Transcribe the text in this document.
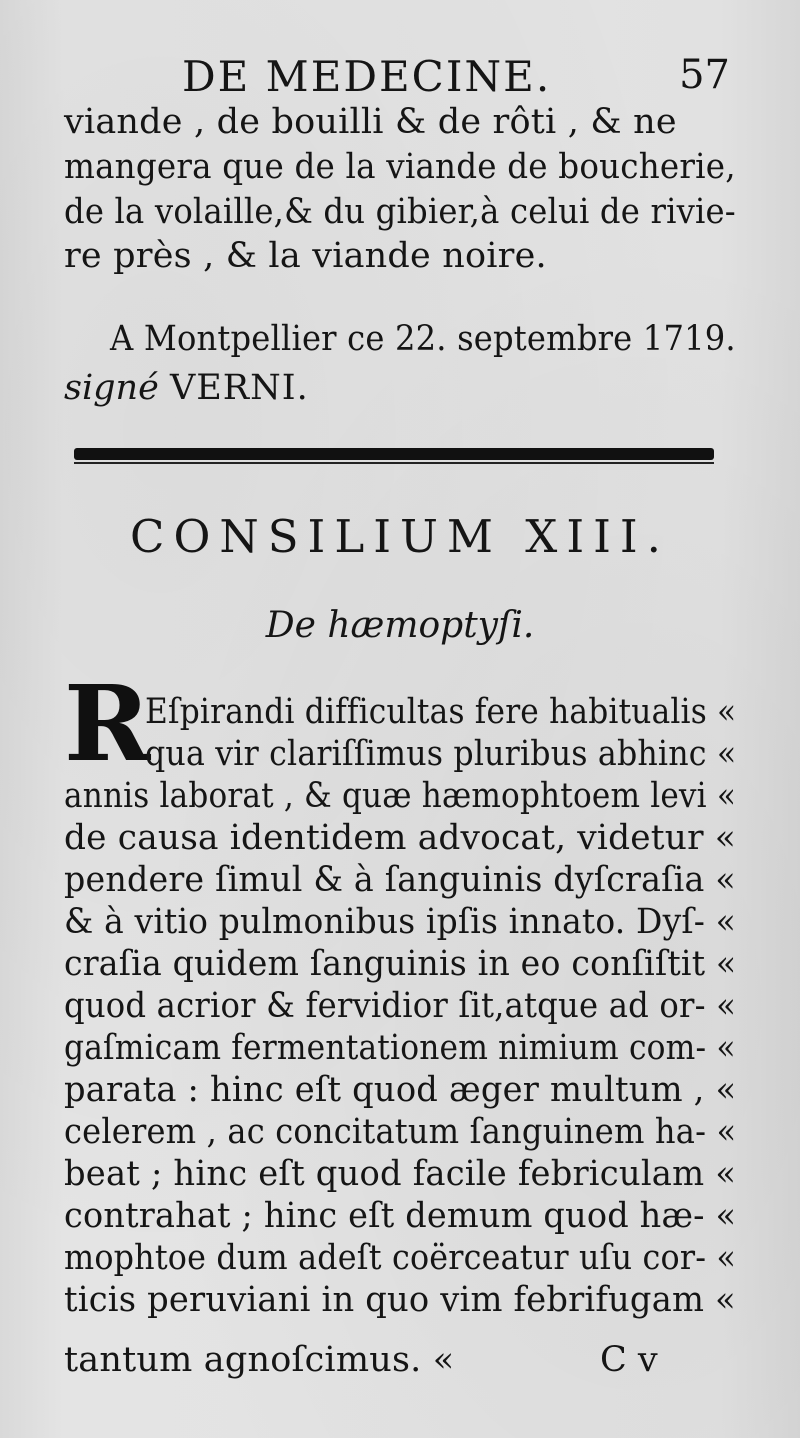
DE MEDECINE.	57
viande , de bouilli & de rôti , & ne
mangera que de la viande de boucherie,
de la volaille,& du gibier,à celui de rivie-
re près , & la viande noire.
A Montpellier ce 22. septembre 1719.
signé VERNI.
CONSILIUM XIII.
De hæmoptyſi.
R
Eſpirandi difficultas fere habitualis «
qua vir clariſſimus pluribus abhinc «
annis laborat , & quæ hæmophtoem levi «
de causa identidem advocat, videtur «
pendere ſimul & à ſanguinis dyſcraſia «
& à vitio pulmonibus ipſis innato. Dyſ- «
craſia quidem ſanguinis in eo conſiſtit «
quod acrior & fervidior ſit,atque ad or- «
gaſmicam fermentationem nimium com- «
parata : hinc eſt quod æger multum , «
celerem , ac concitatum ſanguinem ha- «
beat ; hinc eſt quod facile febriculam «
contrahat ; hinc eſt demum quod hæ- «
mophtoe dum adeſt coërceatur uſu cor- «
ticis peruviani in quo vim febrifugam «
tantum agnoſcimus. «	C v
